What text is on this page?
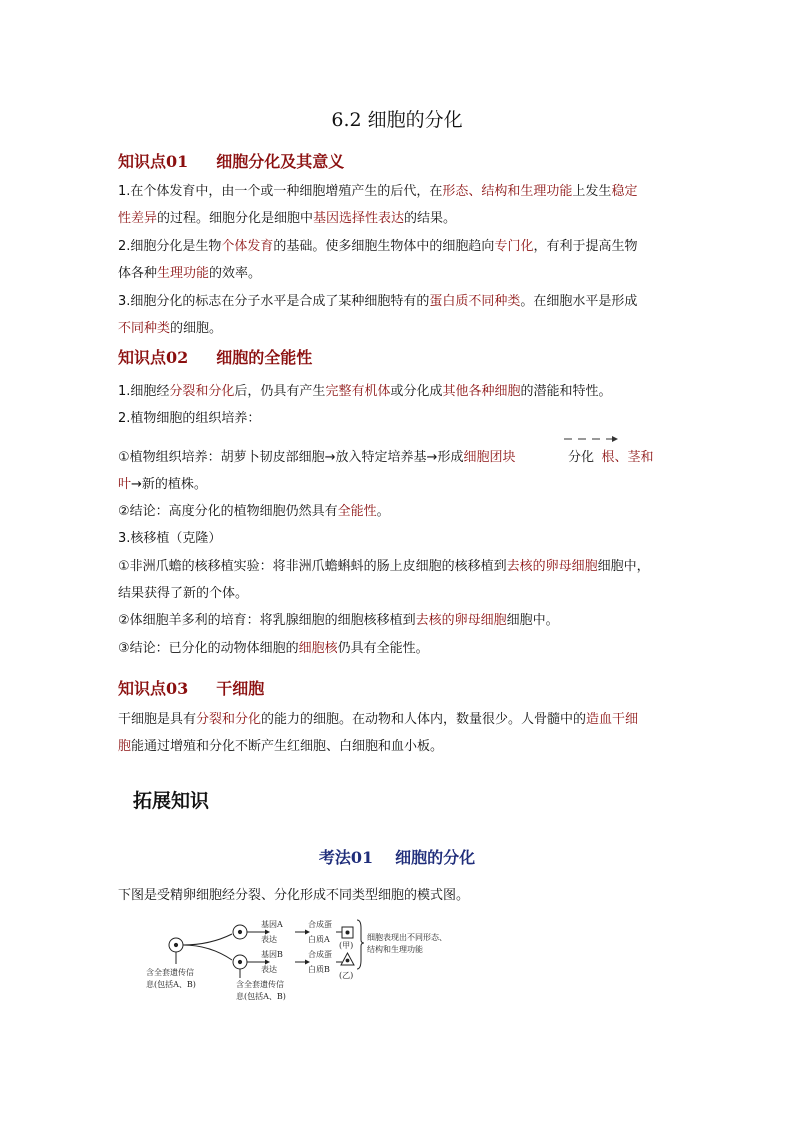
6.2 细胞的分化
知识点01 细胞分化及其意义
1.在个体发育中，由一个或一种细胞增殖产生的后代，在形态、结构和生理功能上发生稳定
性差异的过程。细胞分化是细胞中基因选择性表达的结果。
2.细胞分化是生物个体发育的基础。使多细胞生物体中的细胞趋向专门化，有利于提高生物
体各种生理功能的效率。
3.细胞分化的标志在分子水平是合成了某种细胞特有的蛋白质不同种类。在细胞水平是形成
不同种类的细胞。
知识点02 细胞的全能性
1.细胞经分裂和分化后，仍具有产生完整有机体或分化成其他各种细胞的潜能和特性。
2.植物细胞的组织培养：
①植物组织培养：胡萝卜韧皮部细胞→放入特定培养基→形成细胞团块	根、茎和
分化
叶→新的植株。
②结论：高度分化的植物细胞仍然具有全能性。
3.核移植（克隆）
①非洲爪蟾的核移植实验：将非洲爪蟾蝌蚪的肠上皮细胞的核移植到去核的卵母细胞细胞中，
结果获得了新的个体。
②体细胞羊多利的培育：将乳腺细胞的细胞核移植到去核的卵母细胞细胞中。
③结论：已分化的动物体细胞的细胞核仍具有全能性。
知识点03 干细胞
干细胞是具有分裂和分化的能力的细胞。在动物和人体内，数量很少。人骨髓中的造血干细
胞能通过增殖和分化不断产生红细胞、白细胞和血小板。
拓展知识
考法01 细胞的分化
下图是受精卵细胞经分裂、分化形成不同类型细胞的模式图。
基因A
表达
基因B
表达
合成蛋
白质A
合成蛋
白质B
(甲)
(乙)
细胞表现出不同形态、
结构和生理功能
含全套遗传信
息(包括A、B)	含全套遗传信
息(包括A、B)
